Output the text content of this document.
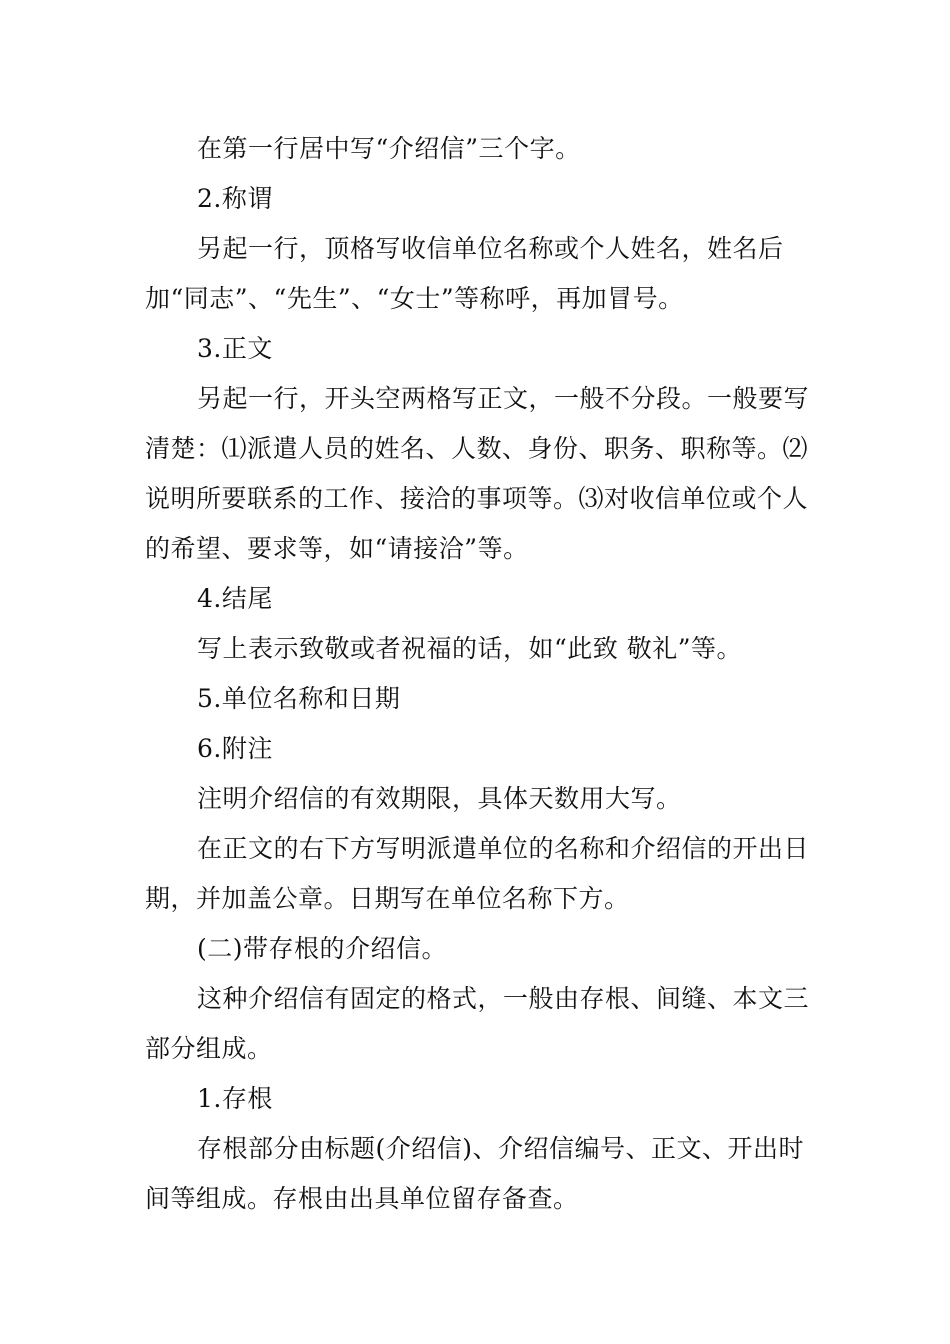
在第一行居中写“介绍信”三个字。

2.称谓

另起一行，顶格写收信单位名称或个人姓名，姓名后加“同志”、“先生”、“女士”等称呼，再加冒号。

3.正文

另起一行，开头空两格写正文，一般不分段。一般要写清楚：⑴派遣人员的姓名、人数、身份、职务、职称等。⑵说明所要联系的工作、接洽的事项等。⑶对收信单位或个人的希望、要求等，如“请接洽”等。

4.结尾

写上表示致敬或者祝福的话，如“此致 敬礼”等。

5.单位名称和日期

6.附注

注明介绍信的有效期限，具体天数用大写。

在正文的右下方写明派遣单位的名称和介绍信的开出日期，并加盖公章。日期写在单位名称下方。

(二)带存根的介绍信。

这种介绍信有固定的格式，一般由存根、间缝、本文三部分组成。

1.存根

存根部分由标题(介绍信)、介绍信编号、正文、开出时间等组成。存根由出具单位留存备查。
